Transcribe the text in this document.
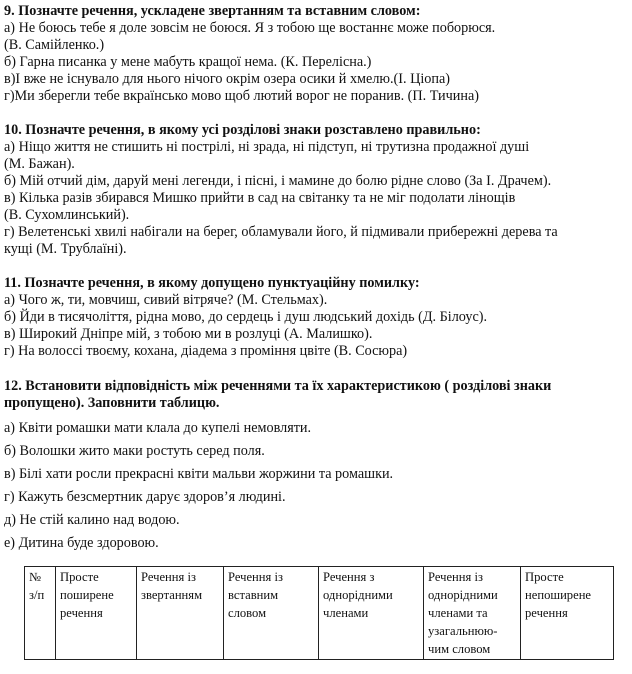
9. Позначте речення, ускладене звертанням та вставним словом:
а) Не боюсь тебе я доле зовсім не боюся. Я з тобою ще востаннє може поборюся.
(В. Самійленко.)
б) Гарна писанка у мене мабуть кращої нема. (К. Перелісна.)
в)І вже не існувало для нього нічого окрім озера осики й хмелю.(І. Ціопа)
г)Ми зберегли тебе вкраїнсько мово щоб лютий ворог не поранив. (П. Тичина)
10. Позначте речення, в якому усі розділові знаки розставлено правильно:
а) Ніщо життя не стишить ні пострілі, ні зрада, ні підступ, ні трутизна продажної душі
(М. Бажан).
б) Мій отчий дім, даруй мені легенди, і пісні, і мамине до болю рідне слово (За І. Драчем).
в) Кілька разів збирався Мишко прийти в сад на світанку та не міг подолати лінощів
(В. Сухомлинський).
г) Велетенські хвилі набігали на берег, обламували його, й підмивали прибережні дерева та
кущі (М. Трублаїні).
11. Позначте речення, в якому допущено пунктуаційну помилку:
а) Чого ж, ти, мовчиш, сивий вітряче? (М. Стельмах).
б) Йди в тисячоліття, рідна мово, до сердець і душ людський дохідь (Д. Білоус).
в) Широкий Дніпре мій, з тобою ми в розлуці (А. Малишко).
г) На волоссі твоєму, кохана, діадема з проміння цвіте (В. Сосюра)
12. Встановити відповідність між реченнями та їх характеристикою ( розділові знаки
пропущено). Заповнити таблицю.
а) Квіти ромашки мати клала до купелі немовляти.
б) Волошки жито маки ростуть серед поля.
в) Білі хати росли прекрасні квіти мальви жоржини та ромашки.
г) Кажуть безсмертник дарує здоров’я людині.
д) Не стій калино над водою.
е) Дитина буде здоровою.
№
з/п

Просте
поширене
речення

Речення із
звертанням

Речення із
вставним
словом

Речення з
однорідними
членами

Речення із
однорідними
членами та
узагальнюю-
чим словом

Просте
непоширене
речення
